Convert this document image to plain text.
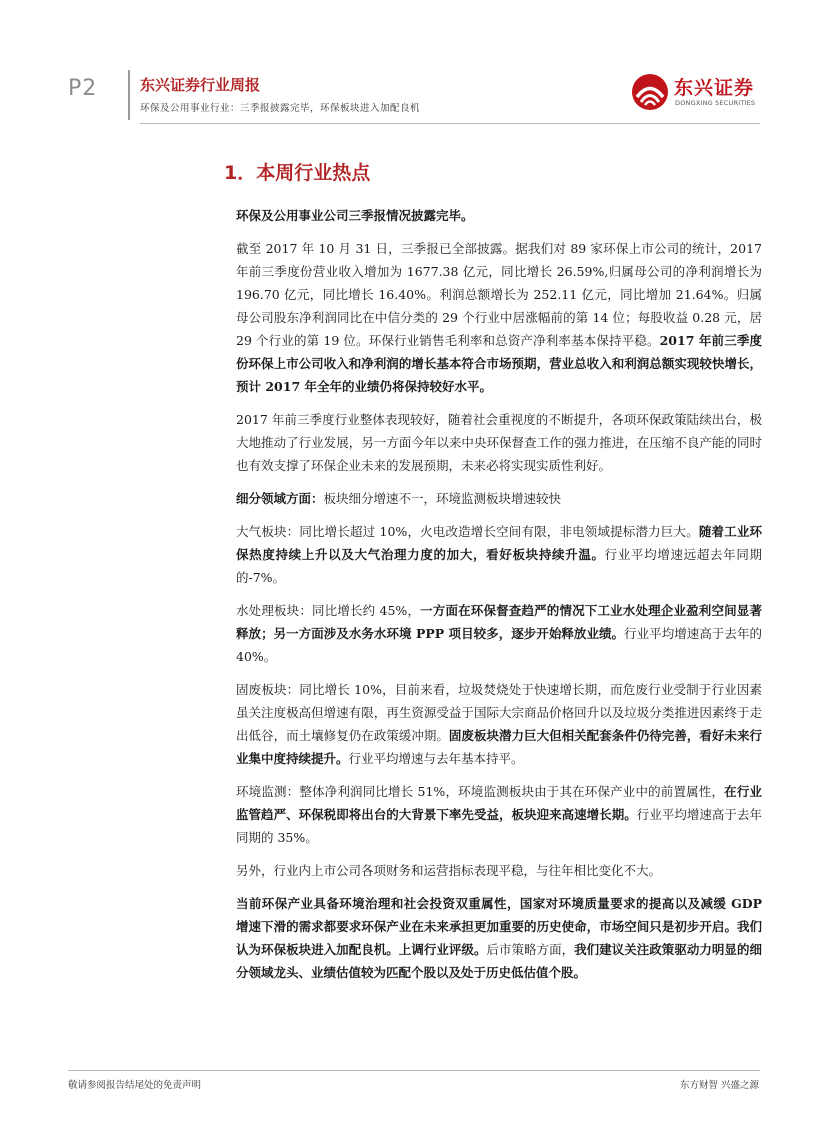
P2	东兴证券行业周报
环保及公用事业行业：三季报披露完毕，环保板块进入加配良机
东兴证券
DONGXING SECURITIES
1．本周行业热点

环保及公用事业公司三季报情况披露完毕。

截至 2017 年 10 月 31 日，三季报已全部披露。据我们对 89 家环保上市公司的统计，2017 年前三季度份营业收入增加为 1677.38 亿元，同比增长 26.59%,归属母公司的净利润增长为 196.70 亿元，同比增长 16.40%。利润总额增长为 252.11 亿元，同比增加 21.64%。归属母公司股东净利润同比在中信分类的 29 个行业中居涨幅前的第 14 位；每股收益 0.28 元，居 29 个行业的第 19 位。环保行业销售毛利率和总资产净利率基本保持平稳。2017 年前三季度份环保上市公司收入和净利润的增长基本符合市场预期，营业总收入和利润总额实现较快增长，预计 2017 年全年的业绩仍将保持较好水平。

2017 年前三季度行业整体表现较好，随着社会重视度的不断提升，各项环保政策陆续出台，极大地推动了行业发展，另一方面今年以来中央环保督查工作的强力推进，在压缩不良产能的同时也有效支撑了环保企业未来的发展预期，未来必将实现实质性利好。

细分领域方面：板块细分增速不一，环境监测板块增速较快

大气板块：同比增长超过 10%，火电改造增长空间有限，非电领域提标潜力巨大。随着工业环保热度持续上升以及大气治理力度的加大，看好板块持续升温。行业平均增速远超去年同期的-7%。

水处理板块：同比增长约 45%，一方面在环保督查趋严的情况下工业水处理企业盈利空间显著释放；另一方面涉及水务水环境 PPP 项目较多，逐步开始释放业绩。行业平均增速高于去年的 40%。

固废板块：同比增长 10%，目前来看，垃圾焚烧处于快速增长期，而危废行业受制于行业因素虽关注度极高但增速有限，再生资源受益于国际大宗商品价格回升以及垃圾分类推进因素终于走出低谷，而土壤修复仍在政策缓冲期。固废板块潜力巨大但相关配套条件仍待完善，看好未来行业集中度持续提升。行业平均增速与去年基本持平。

环境监测：整体净利润同比增长 51%，环境监测板块由于其在环保产业中的前置属性，在行业监管趋严、环保税即将出台的大背景下率先受益，板块迎来高速增长期。行业平均增速高于去年同期的 35%。

另外，行业内上市公司各项财务和运营指标表现平稳，与往年相比变化不大。

当前环保产业具备环境治理和社会投资双重属性，国家对环境质量要求的提高以及减缓 GDP 增速下滑的需求都要求环保产业在未来承担更加重要的历史使命，市场空间只是初步开启。我们认为环保板块进入加配良机。上调行业评级。后市策略方面，我们建议关注政策驱动力明显的细分领域龙头、业绩估值较为匹配个股以及处于历史低估值个股。

敬请参阅报告结尾处的免责声明	东方财智 兴盛之源
